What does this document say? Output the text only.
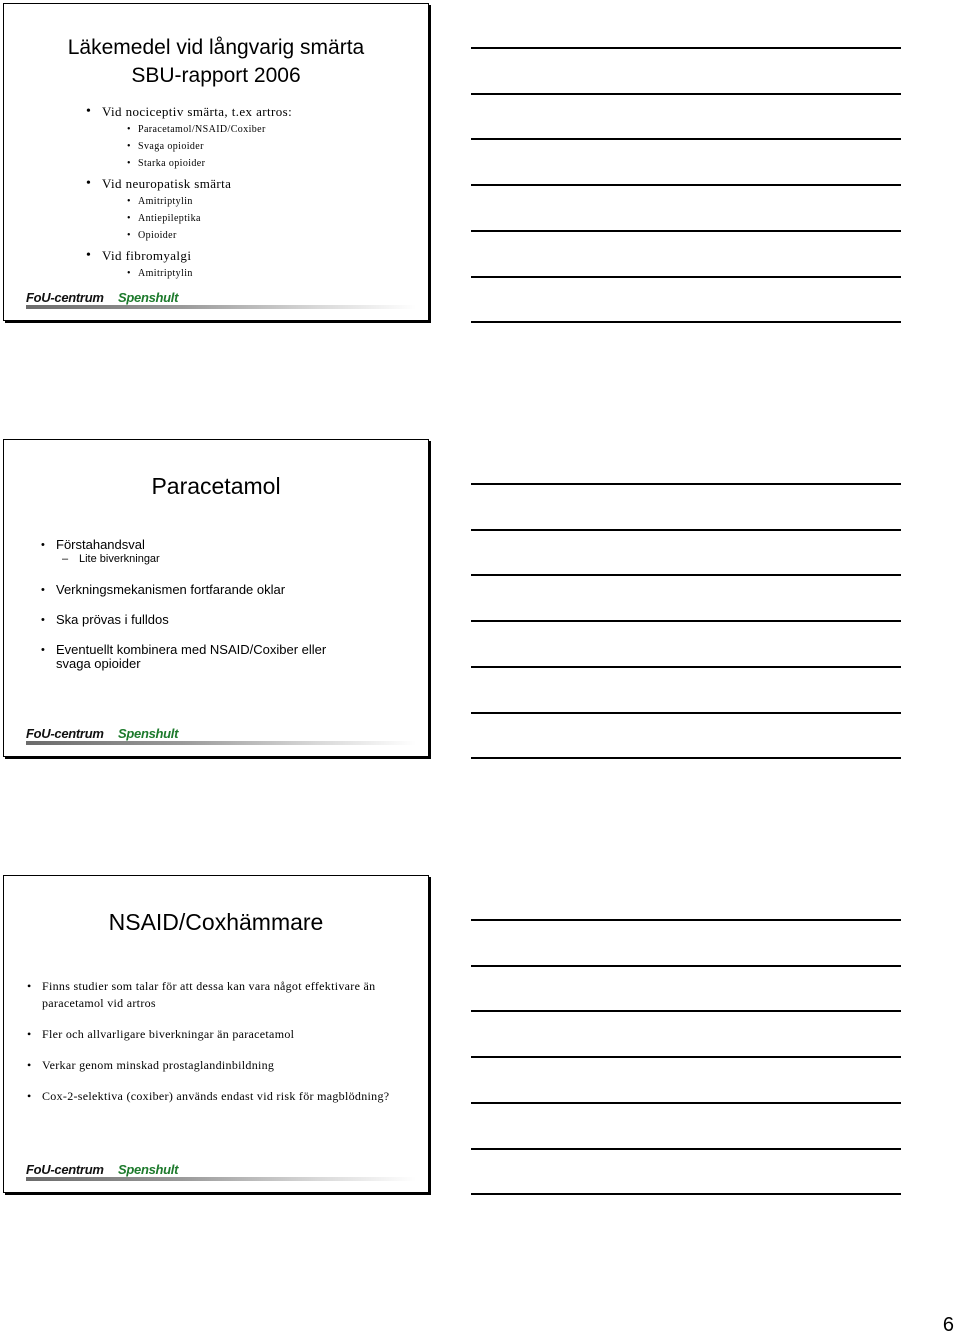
Läkemedel vid långvarig smärta
SBU-rapport 2006
• Vid nociceptiv smärta, t.ex artros:
• Paracetamol/NSAID/Coxiber
• Svaga opioider
• Starka opioider
• Vid neuropatisk smärta
• Amitriptylin
• Antiepileptika
• Opioider
• Vid fibromyalgi
• Amitriptylin
FoU-centrum Spenshult
Paracetamol
• Förstahandsval
– Lite biverkningar
• Verkningsmekanismen fortfarande oklar
• Ska prövas i fulldos
• Eventuellt kombinera med NSAID/Coxiber eller svaga opioider
FoU-centrum Spenshult
NSAID/Coxhämmare
• Finns studier som talar för att dessa kan vara något effektivare än paracetamol vid artros
• Fler och allvarligare biverkningar än paracetamol
• Verkar genom minskad prostaglandinbildning
• Cox-2-selektiva (coxiber) används endast vid risk för magblödning?
FoU-centrum Spenshult
6
